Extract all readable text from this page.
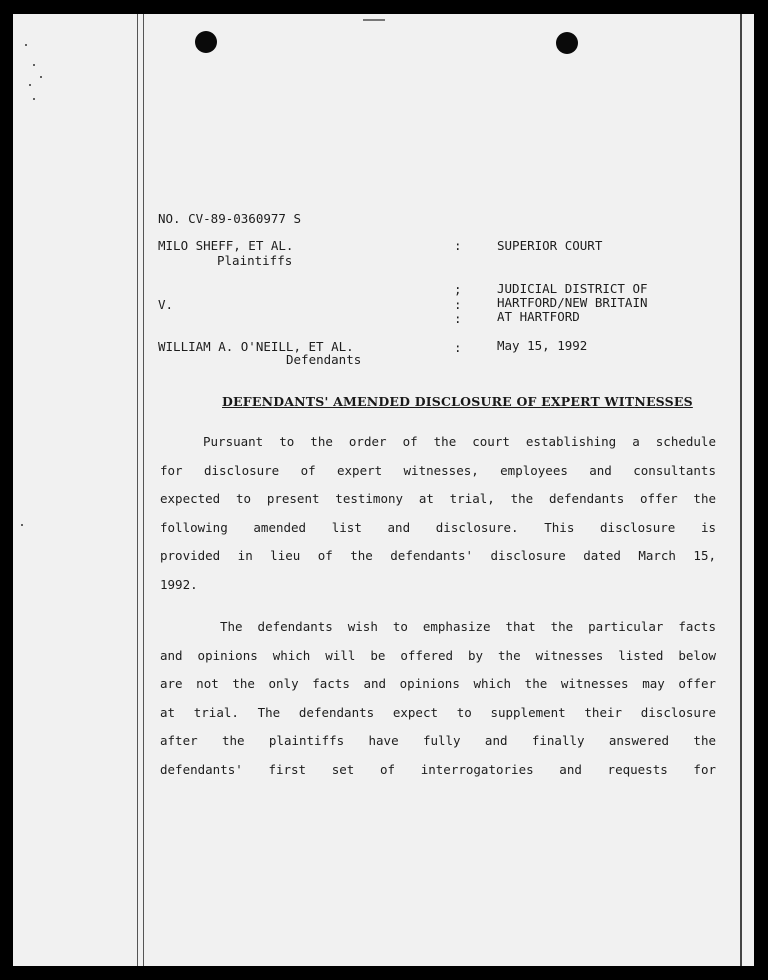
NO. CV-89-0360977 S
MILO SHEFF, ET AL.
Plaintiffs
V.
WILLIAM A. O'NEILL, ET AL.
Defendants
:
;
:
:
:
SUPERIOR COURT
JUDICIAL DISTRICT OF
HARTFORD/NEW BRITAIN
AT HARTFORD
May 15, 1992
DEFENDANTS' AMENDED DISCLOSURE OF EXPERT WITNESSES
Pursuant to the order of the court establishing a schedule
for disclosure of expert witnesses, employees and consultants
expected to present testimony at trial, the defendants offer the
following amended list and disclosure. This disclosure is
provided in lieu of the defendants' disclosure dated March 15,
1992.
The defendants wish to emphasize that the particular facts
and opinions which will be offered by the witnesses listed below
are not the only facts and opinions which the witnesses may offer
at trial. The defendants expect to supplement their disclosure
after the plaintiffs have fully and finally answered the
defendants' first set of interrogatories and requests for
